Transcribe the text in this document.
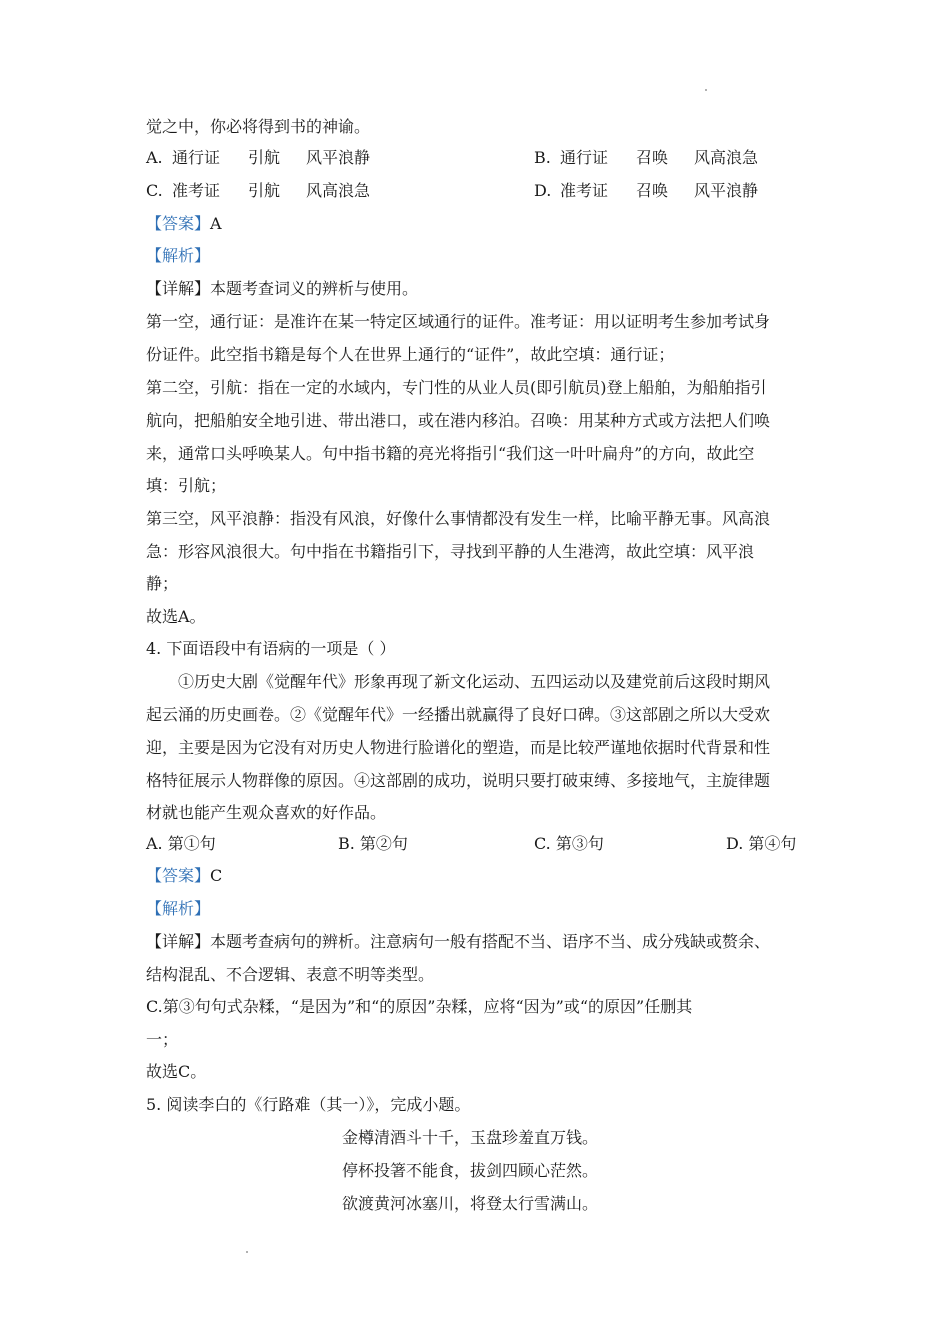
觉之中，你必将得到书的神谕。
A. 通行证 引航 风平浪静	B. 通行证 召唤 风高浪急
C. 准考证 引航 风高浪急	D. 准考证 召唤 风平浪静
【答案】A
【解析】
【详解】本题考查词义的辨析与使用。
第一空，通行证：是准许在某一特定区域通行的证件。准考证：用以证明考生参加考试身
份证件。此空指书籍是每个人在世界上通行的“证件”，故此空填：通行证；
第二空，引航：指在一定的水域内，专门性的从业人员(即引航员)登上船舶，为船舶指引
航向，把船舶安全地引进、带出港口，或在港内移泊。召唤：用某种方式或方法把人们唤
来，通常口头呼唤某人。句中指书籍的亮光将指引“我们这一叶叶扁舟”的方向，故此空
填：引航；
第三空，风平浪静：指没有风浪，好像什么事情都没有发生一样，比喻平静无事。风高浪
急：形容风浪很大。句中指在书籍指引下，寻找到平静的人生港湾，故此空填：风平浪
静；
故选A。
4. 下面语段中有语病的一项是（ ）
①历史大剧《觉醒年代》形象再现了新文化运动、五四运动以及建党前后这段时期风
起云涌的历史画卷。②《觉醒年代》一经播出就赢得了良好口碑。③这部剧之所以大受欢
迎，主要是因为它没有对历史人物进行脸谱化的塑造，而是比较严谨地依据时代背景和性
格特征展示人物群像的原因。④这部剧的成功，说明只要打破束缚、多接地气，主旋律题
材就也能产生观众喜欢的好作品。
A. 第①句	B. 第②句	C. 第③句	D. 第④句
【答案】C
【解析】
【详解】本题考查病句的辨析。注意病句一般有搭配不当、语序不当、成分残缺或赘余、
结构混乱、不合逻辑、表意不明等类型。
C.第③句句式杂糅，“是因为”和“的原因”杂糅，应将“因为”或“的原因”任删其
一；
故选C。
5. 阅读李白的《行路难（其一）》，完成小题。
金樽清酒斗十千，玉盘珍羞直万钱。
停杯投箸不能食，拔剑四顾心茫然。
欲渡黄河冰塞川，将登太行雪满山。
